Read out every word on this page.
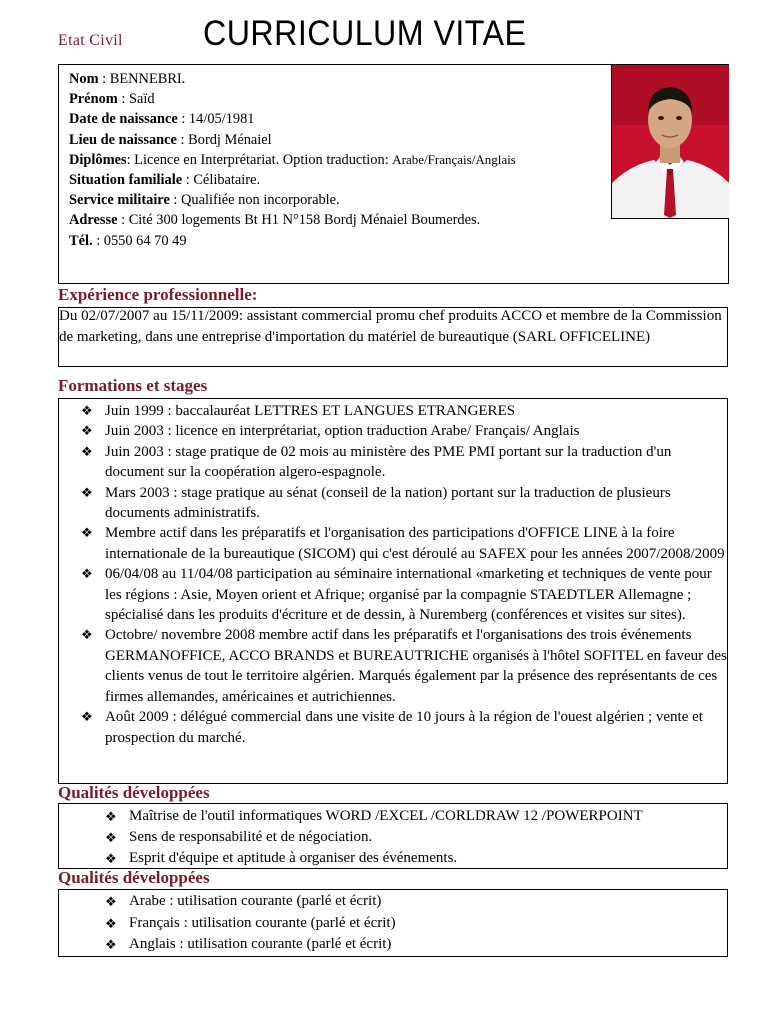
Etat Civil CURRICULUM VITAE
Nom : BENNEBRI.
Prénom : Saïd
Date de naissance : 14/05/1981
Lieu de naissance : Bordj Ménaiel
Diplômes: Licence en Interprétariat. Option traduction: Arabe/Français/Anglais
Situation familiale : Célibataire.
Service militaire : Qualifiée non incorporable.
Adresse : Cité 300 logements Bt H1 N°158 Bordj Ménaiel Boumerdes.
Tél. : 0550 64 70 49
Expérience professionnelle:
Du 02/07/2007 au 15/11/2009: assistant commercial promu chef produits ACCO et membre de la Commission de marketing, dans une entreprise d'importation du matériel de bureautique (SARL OFFICELINE)
Formations et stages
❖ Juin 1999 : baccalauréat LETTRES ET LANGUES ETRANGERES
❖ Juin 2003 : licence en interprétariat, option traduction Arabe/ Français/ Anglais
❖ Juin 2003 : stage pratique de 02 mois au ministère des PME PMI portant sur la traduction d'un document sur la coopération algero-espagnole.
❖ Mars 2003 : stage pratique au sénat (conseil de la nation) portant sur la traduction de plusieurs documents administratifs.
❖ Membre actif dans les préparatifs et l'organisation des participations d'OFFICE LINE à la foire internationale de la bureautique (SICOM) qui c'est déroulé au SAFEX pour les années 2007/2008/2009
❖ 06/04/08 au 11/04/08 participation au séminaire international «marketing et techniques de vente pour les régions : Asie, Moyen orient et Afrique; organisé par la compagnie STAEDTLER Allemagne ; spécialisé dans les produits d'écriture et de dessin, à Nuremberg (conférences et visites sur sites).
❖ Octobre/ novembre 2008 membre actif dans les préparatifs et l'organisations des trois événements GERMANOFFICE, ACCO BRANDS et BUREAUTRICHE organisés à l'hôtel SOFITEL en faveur des clients venus de tout le territoire algérien. Marqués également par la présence des représentants de ces firmes allemandes, américaines et autrichiennes.
❖ Août 2009 : délégué commercial dans une visite de 10 jours à la région de l'ouest algérien ; vente et prospection du marché.
Qualités développées
❖ Maîtrise de l'outil informatiques WORD /EXCEL /CORLDRAW 12 /POWERPOINT
❖ Sens de responsabilité et de négociation.
❖ Esprit d'équipe et aptitude à organiser des événements.
Qualités développées
❖ Arabe : utilisation courante (parlé et écrit)
❖ Français : utilisation courante (parlé et écrit)
❖ Anglais : utilisation courante (parlé et écrit)
